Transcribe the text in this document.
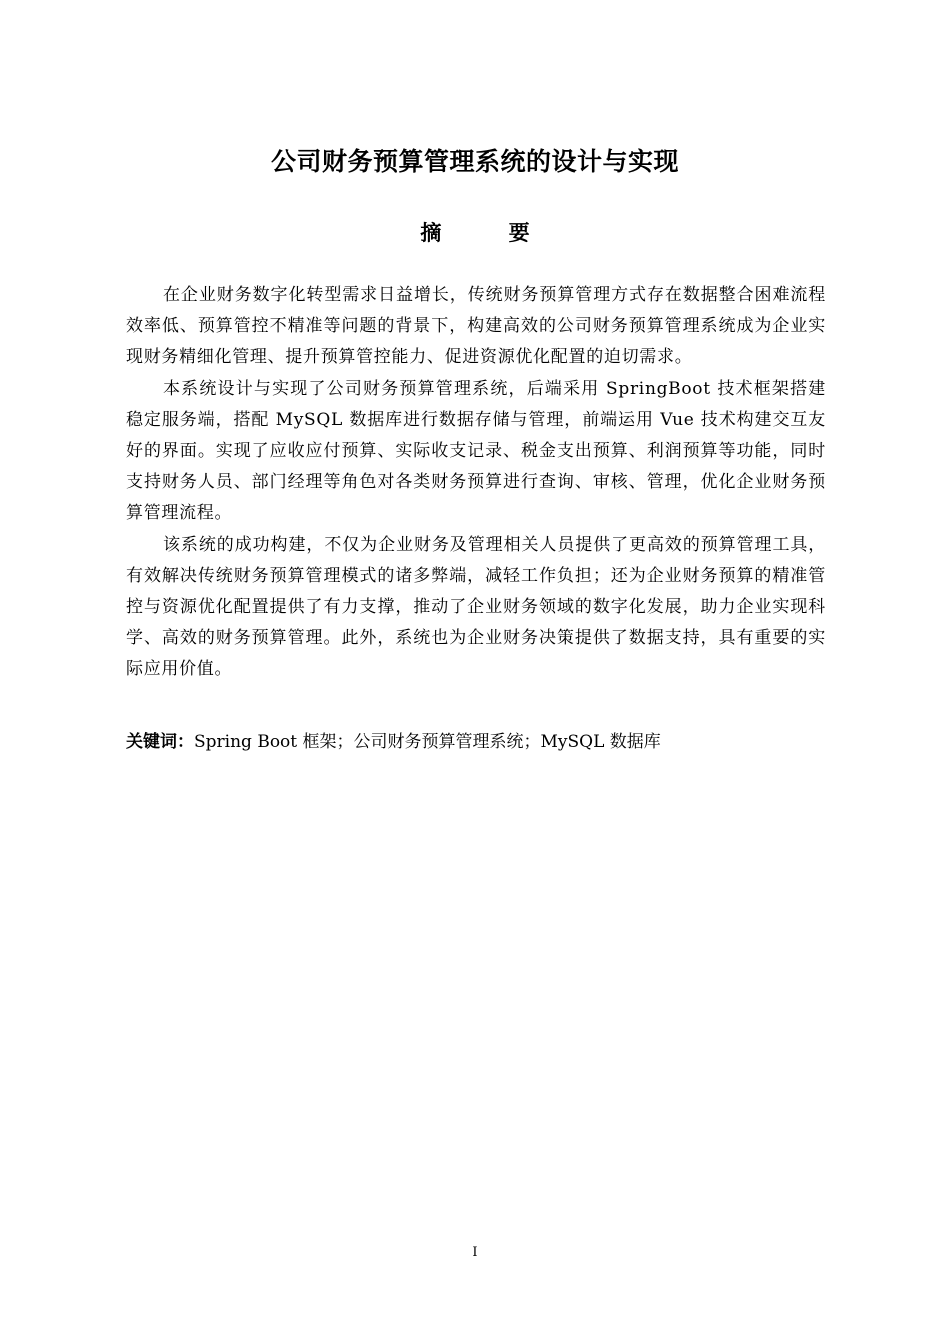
公司财务预算管理系统的设计与实现
摘 要

在企业财务数字化转型需求日益增长，传统财务预算管理方式存在数据整合困难流程效率低、预算管控不精准等问题的背景下，构建高效的公司财务预算管理系统成为企业实现财务精细化管理、提升预算管控能力、促进资源优化配置的迫切需求。

本系统设计与实现了公司财务预算管理系统，后端采用 SpringBoot 技术框架搭建稳定服务端，搭配 MySQL 数据库进行数据存储与管理，前端运用 Vue 技术构建交互友好的界面。实现了应收应付预算、实际收支记录、税金支出预算、利润预算等功能，同时支持财务人员、部门经理等角色对各类财务预算进行查询、审核、管理，优化企业财务预算管理流程。

该系统的成功构建，不仅为企业财务及管理相关人员提供了更高效的预算管理工具，有效解决传统财务预算管理模式的诸多弊端，减轻工作负担；还为企业财务预算的精准管控与资源优化配置提供了有力支撑，推动了企业财务领域的数字化发展，助力企业实现科学、高效的财务预算管理。此外，系统也为企业财务决策提供了数据支持，具有重要的实际应用价值。

关键词：Spring Boot 框架；公司财务预算管理系统；MySQL 数据库
I
